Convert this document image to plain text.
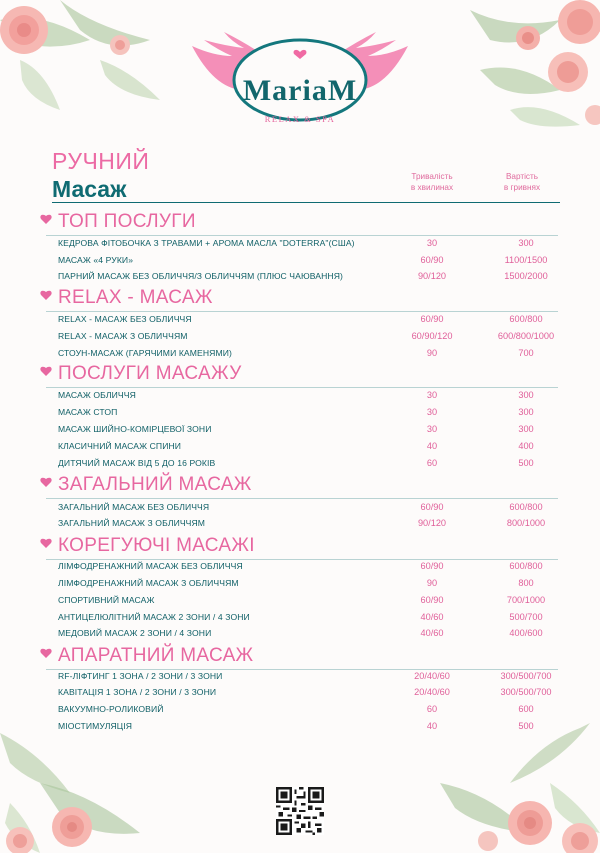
MariaM
RELAX & SPA
РУЧНИЙ
Масаж	Тривалість
в хвилинах
Вартість
в гривнях
ТОП ПОСЛУГИ
КЕДРОВА ФІТОБОЧКА З ТРАВАМИ + АРОМА МАСЛА "DOTERRA"(США)	30	300
МАСАЖ «4 РУКИ»	60/90	1100/1500
ПАРНИЙ МАСАЖ БЕЗ ОБЛИЧЧЯ/З ОБЛИЧЧЯМ (ПЛЮС ЧАЮВАННЯ)	90/120	1500/2000
RELAX - МАСАЖ
RELAX - МАСАЖ БЕЗ ОБЛИЧЧЯ	60/90	600/800
RELAX - МАСАЖ З ОБЛИЧЧЯМ	60/90/120	600/800/1000
СТОУН-МАСАЖ (ГАРЯЧИМИ КАМЕНЯМИ)	90	700
ПОСЛУГИ МАСАЖУ
МАСАЖ ОБЛИЧЧЯ	30	300
МАСАЖ СТОП	30	300
МАСАЖ ШИЙНО-КОМІРЦЕВОЇ ЗОНИ	30	300
КЛАСИЧНИЙ МАСАЖ СПИНИ	40	400
ДИТЯЧИЙ МАСАЖ ВІД 5 ДО 16 РОКІВ	60	500
ЗАГАЛЬНИЙ МАСАЖ
ЗАГАЛЬНИЙ МАСАЖ БЕЗ ОБЛИЧЧЯ	60/90	600/800
ЗАГАЛЬНИЙ МАСАЖ З ОБЛИЧЧЯМ	90/120	800/1000
КОРЕГУЮЧІ МАСАЖІ
ЛІМФОДРЕНАЖНИЙ МАСАЖ БЕЗ ОБЛИЧЧЯ	60/90	600/800
ЛІМФОДРЕНАЖНИЙ МАСАЖ З ОБЛИЧЧЯМ	90	800
СПОРТИВНИЙ МАСАЖ	60/90	700/1000
АНТИЦЕЛЮЛІТНИЙ МАСАЖ 2 ЗОНИ / 4 ЗОНИ	40/60	500/700
МЕДОВИЙ МАСАЖ 2 ЗОНИ / 4 ЗОНИ	40/60	400/600
АПАРАТНИЙ МАСАЖ
RF-ЛІФТИНГ 1 ЗОНА / 2 ЗОНИ / 3 ЗОНИ	20/40/60	300/500/700
КАВІТАЦІЯ 1 ЗОНА / 2 ЗОНИ / 3 ЗОНИ	20/40/60	300/500/700
ВАКУУМНО-РОЛИКОВИЙ	60	600
МІОСТИМУЛЯЦІЯ	40	500
